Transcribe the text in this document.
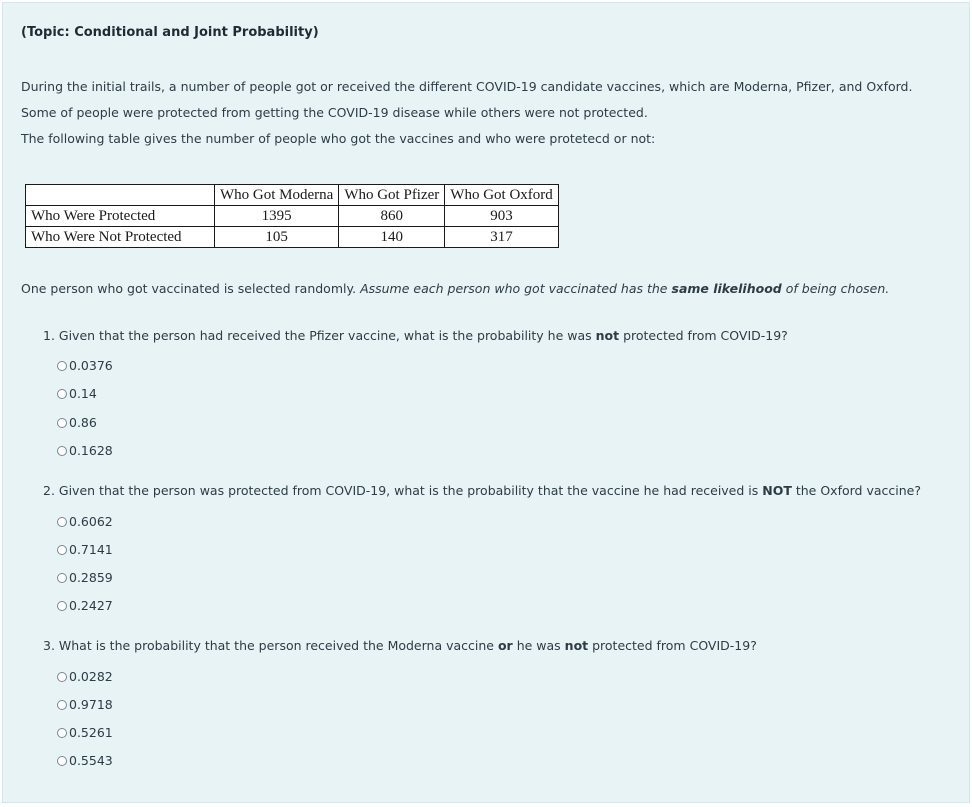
(Topic: Conditional and Joint Probability)

During the initial trails, a number of people got or received the different COVID-19 candidate vaccines, which are Moderna, Pfizer, and Oxford.

Some of people were protected from getting the COVID-19 disease while others were not protected.

The following table gives the number of people who got the vaccines and who were protetecd or not:

	Who Got Moderna	Who Got Pfizer	Who Got Oxford
Who Were Protected	1395	860	903
Who Were Not Protected	105	140	317

One person who got vaccinated is selected randomly. Assume each person who got vaccinated has the same likelihood of being chosen.

1. Given that the person had received the Pfizer vaccine, what is the probability he was not protected from COVID-19?

0.0376
0.14
0.86
0.1628

2. Given that the person was protected from COVID-19, what is the probability that the vaccine he had received is NOT the Oxford vaccine?

0.6062
0.7141
0.2859
0.2427

3. What is the probability that the person received the Moderna vaccine or he was not protected from COVID-19?

0.0282
0.9718
0.5261
0.5543
